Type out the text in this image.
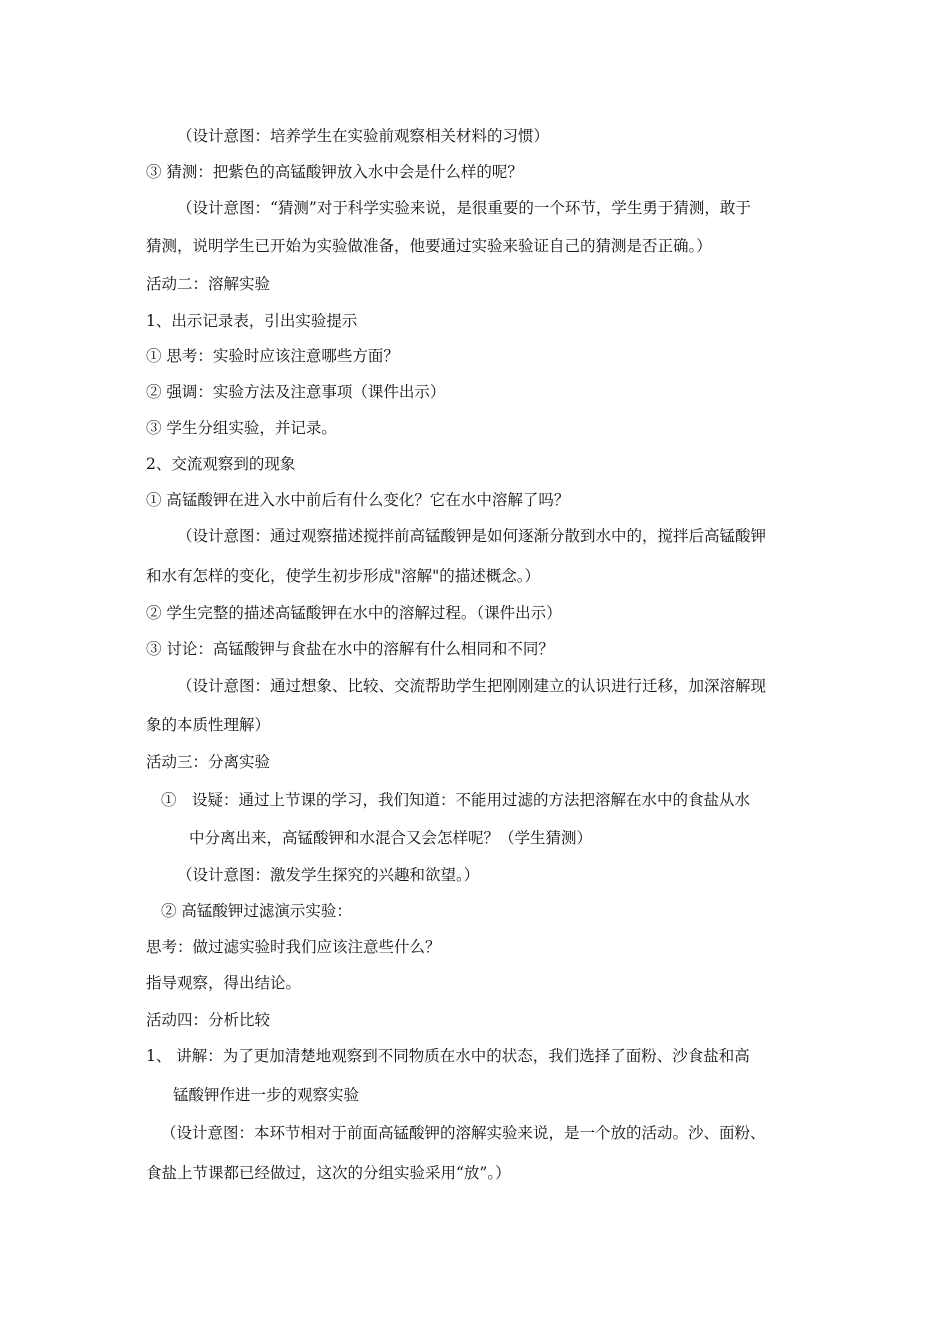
（设计意图：培养学生在实验前观察相关材料的习惯）
③ 猜测：把紫色的高锰酸钾放入水中会是什么样的呢？
（设计意图：“猜测”对于科学实验来说，是很重要的一个环节，学生勇于猜测，敢于
猜测，说明学生已开始为实验做准备，他要通过实验来验证自己的猜测是否正确。）
活动二：溶解实验
1、出示记录表，引出实验提示
① 思考：实验时应该注意哪些方面？
② 强调：实验方法及注意事项（课件出示）
③ 学生分组实验，并记录。
2、交流观察到的现象
① 高锰酸钾在进入水中前后有什么变化？它在水中溶解了吗？
（设计意图：通过观察描述搅拌前高锰酸钾是如何逐渐分散到水中的，搅拌后高锰酸钾
和水有怎样的变化，使学生初步形成"溶解"的描述概念。）
② 学生完整的描述高锰酸钾在水中的溶解过程。（课件出示）
③ 讨论：高锰酸钾与食盐在水中的溶解有什么相同和不同？
（设计意图：通过想象、比较、交流帮助学生把刚刚建立的认识进行迁移，加深溶解现
象的本质性理解）
活动三：分离实验
①　设疑：通过上节课的学习，我们知道：不能用过滤的方法把溶解在水中的食盐从水
中分离出来，高锰酸钾和水混合又会怎样呢？（学生猜测）
（设计意图：激发学生探究的兴趣和欲望。）
② 高锰酸钾过滤演示实验：
思考：做过滤实验时我们应该注意些什么？
指导观察，得出结论。
活动四：分析比较
1、 讲解：为了更加清楚地观察到不同物质在水中的状态，我们选择了面粉、沙食盐和高
锰酸钾作进一步的观察实验
（设计意图：本环节相对于前面高锰酸钾的溶解实验来说，是一个放的活动。沙、面粉、
食盐上节课都已经做过，这次的分组实验采用“放”。）
